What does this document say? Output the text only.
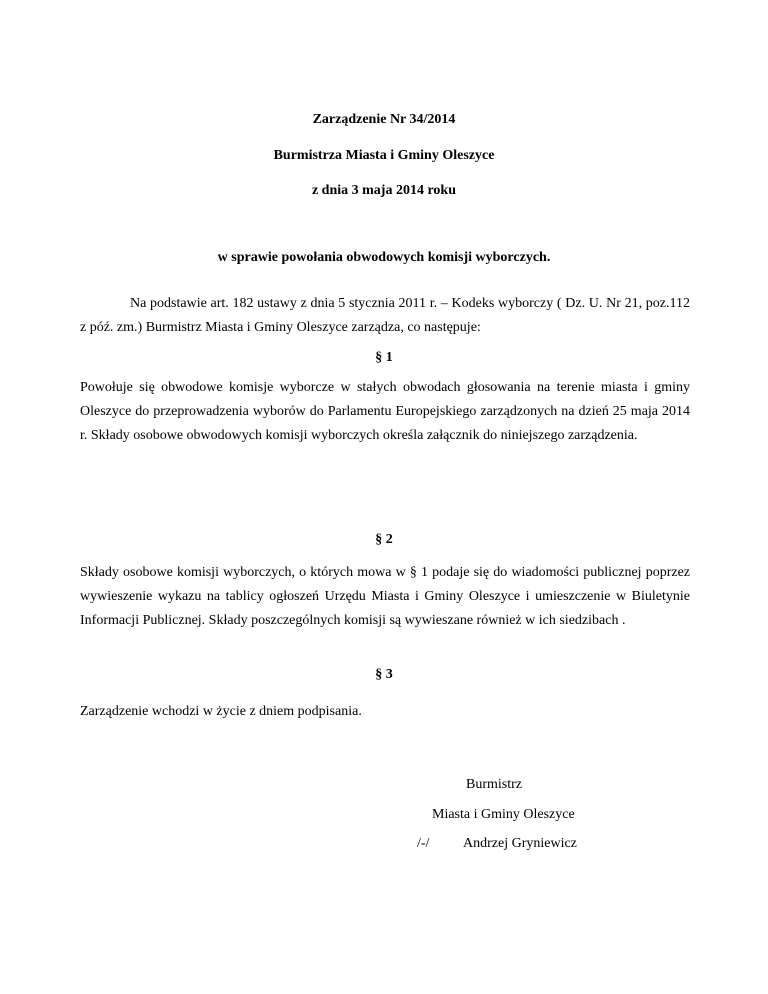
Zarządzenie Nr 34/2014
Burmistrza Miasta i Gminy Oleszyce
z dnia 3 maja 2014 roku
w sprawie powołania obwodowych komisji wyborczych.

Na podstawie art. 182 ustawy z dnia 5 stycznia 2011 r. – Kodeks wyborczy ( Dz. U. Nr 21, poz.112 z póź. zm.) Burmistrz Miasta i Gminy Oleszyce zarządza, co następuje:

§ 1

Powołuje się obwodowe komisje wyborcze w stałych obwodach głosowania na terenie miasta i gminy Oleszyce do przeprowadzenia wyborów do Parlamentu Europejskiego zarządzonych na dzień 25 maja 2014 r. Składy osobowe obwodowych komisji wyborczych określa załącznik do niniejszego zarządzenia.

§ 2

Składy osobowe komisji wyborczych, o których mowa w § 1 podaje się do wiadomości publicznej poprzez wywieszenie wykazu na tablicy ogłoszeń Urzędu Miasta i Gminy Oleszyce i umieszczenie w Biuletynie Informacji Publicznej. Składy poszczególnych komisji są wywieszane również w ich siedzibach .

§ 3

Zarządzenie wchodzi w życie z dniem podpisania.

Burmistrz
Miasta i Gminy Oleszyce
/-/ Andrzej Gryniewicz
